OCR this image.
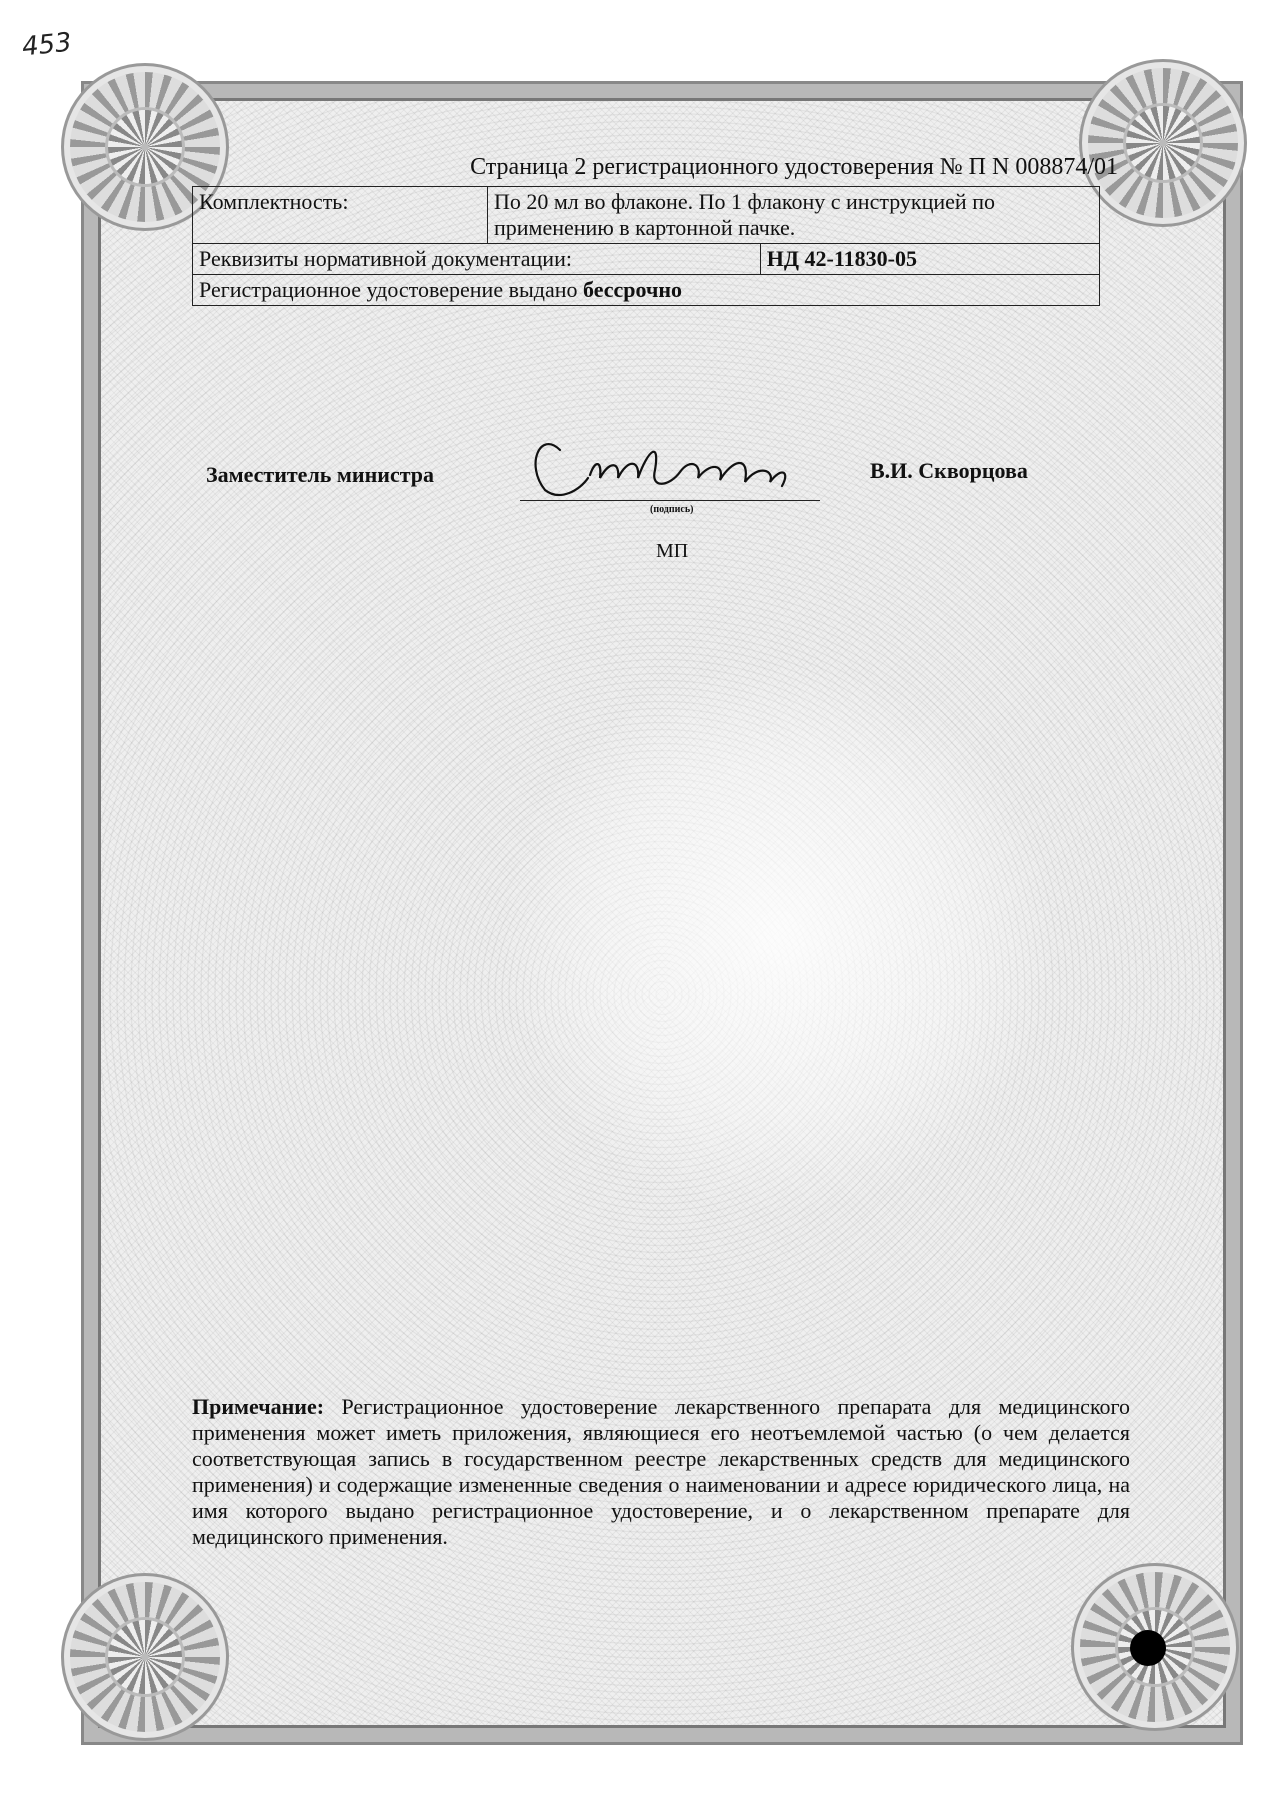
453
Страница 2 регистрационного удостоверения № П N 008874/01
Комплектность:	По 20 мл во флаконе. По 1 флакону с инструкцией по применению в картонной пачке.	
Реквизиты нормативной документации:		НД 42-11830-05
Регистрационное удостоверение выдано бессрочно		
Заместитель министра
(подпись)
В.И. Скворцова
МП
Примечание: Регистрационное удостоверение лекарственного препарата для медицинского применения может иметь приложения, являющиеся его неотъемлемой частью (о чем делается соответствующая запись в государственном реестре лекарственных средств для медицинского применения) и содержащие измененные сведения о наименовании и адресе юридического лица, на имя которого выдано регистрационное удостоверение, и о лекарственном препарате для медицинского применения.
